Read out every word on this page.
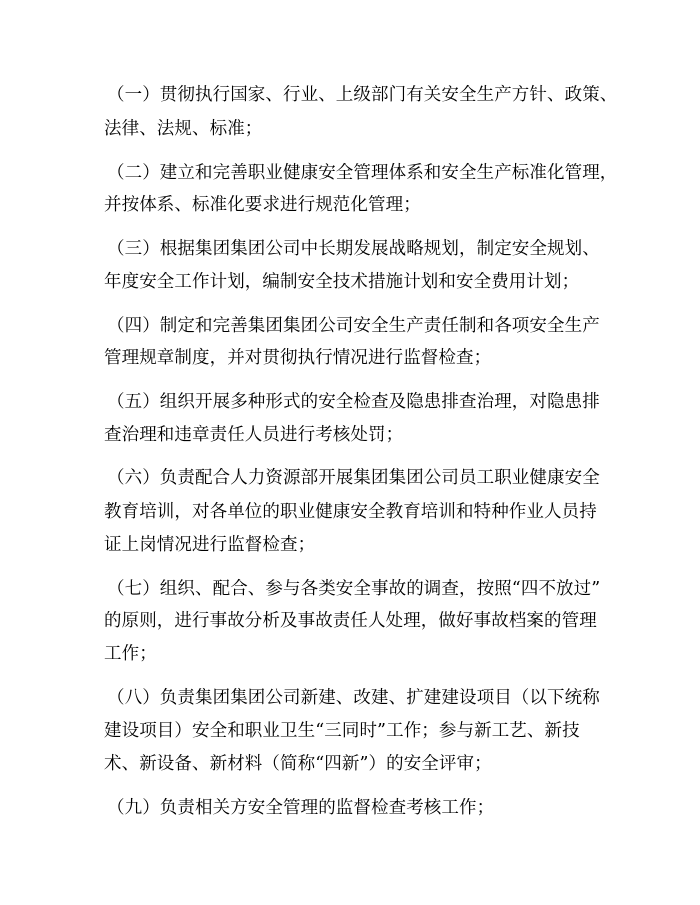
（一）贯彻执行国家、行业、上级部门有关安全生产方针、政策、
法律、法规、标准；
（二）建立和完善职业健康安全管理体系和安全生产标准化管理，
并按体系、标准化要求进行规范化管理；
（三）根据集团集团公司中长期发展战略规划，制定安全规划、
年度安全工作计划，编制安全技术措施计划和安全费用计划；
（四）制定和完善集团集团公司安全生产责任制和各项安全生产
管理规章制度，并对贯彻执行情况进行监督检查；
（五）组织开展多种形式的安全检查及隐患排查治理，对隐患排
查治理和违章责任人员进行考核处罚；
（六）负责配合人力资源部开展集团集团公司员工职业健康安全
教育培训，对各单位的职业健康安全教育培训和特种作业人员持
证上岗情况进行监督检查；
（七）组织、配合、参与各类安全事故的调查，按照“四不放过”
的原则，进行事故分析及事故责任人处理，做好事故档案的管理
工作；
（八）负责集团集团公司新建、改建、扩建建设项目（以下统称
建设项目）安全和职业卫生“三同时”工作；参与新工艺、新技
术、新设备、新材料（简称“四新”）的安全评审；
（九）负责相关方安全管理的监督检查考核工作；
